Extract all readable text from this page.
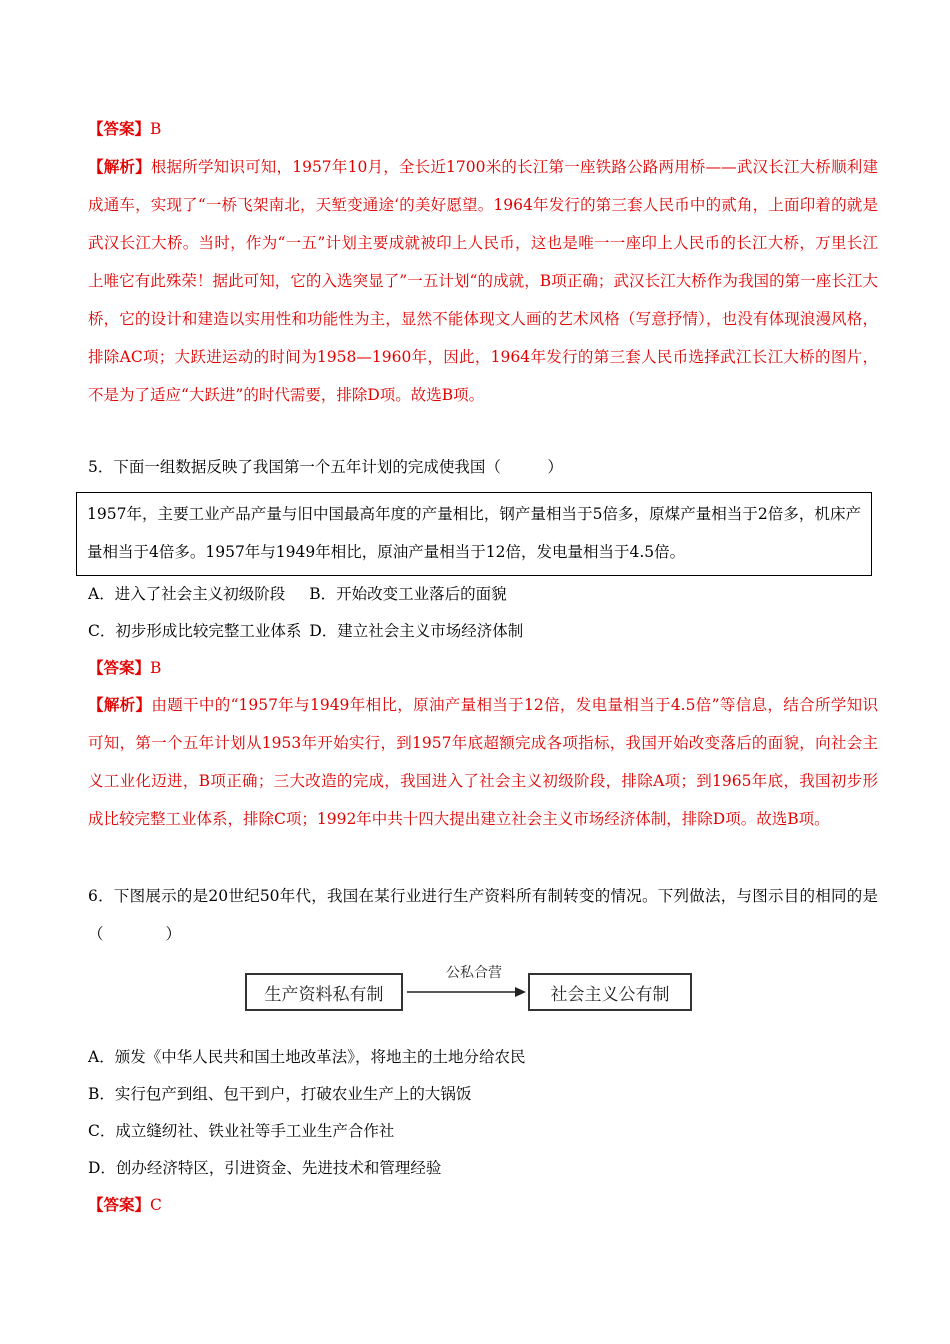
【答案】B
【解析】根据所学知识可知，1957年10月，全长近1700米的长江第一座铁路公路两用桥——武汉长江大桥顺利建成通车，实现了“一桥飞架南北，天堑变通途‘的美好愿望。1964年发行的第三套人民币中的贰角，上面印着的就是武汉长江大桥。当时，作为“一五”计划主要成就被印上人民币，这也是唯一一座印上人民币的长江大桥，万里长江上唯它有此殊荣！据此可知，它的入选突显了”一五计划“的成就，B项正确；武汉长江大桥作为我国的第一座长江大桥，它的设计和建造以实用性和功能性为主，显然不能体现文人画的艺术风格（写意抒情），也没有体现浪漫风格，排除AC项；大跃进运动的时间为1958—1960年，因此，1964年发行的第三套人民币选择武江长江大桥的图片，不是为了适应“大跃进”的时代需要，排除D项。故选B项。
5．下面一组数据反映了我国第一个五年计划的完成使我国（　　　）
1957年，主要工业产品产量与旧中国最高年度的产量相比，钢产量相当于5倍多，原煤产量相当于2倍多，机床产量相当于4倍多。1957年与1949年相比，原油产量相当于12倍，发电量相当于4.5倍。
A．进入了社会主义初级阶段 B．开始改变工业落后的面貌
C．初步形成比较完整工业体系 D．建立社会主义市场经济体制
【答案】B
【解析】由题干中的“1957年与1949年相比，原油产量相当于12倍，发电量相当于4.5倍”等信息，结合所学知识可知，第一个五年计划从1953年开始实行，到1957年底超额完成各项指标，我国开始改变落后的面貌，向社会主义工业化迈进，B项正确；三大改造的完成，我国进入了社会主义初级阶段，排除A项；到1965年底，我国初步形成比较完整工业体系，排除C项；1992年中共十四大提出建立社会主义市场经济体制，排除D项。故选B项。
6．下图展示的是20世纪50年代，我国在某行业进行生产资料所有制转变的情况。下列做法，与图示目的相同的是（　　　　）
生产资料私有制
公私合营
社会主义公有制
A．颁发《中华人民共和国土地改革法》，将地主的土地分给农民
B．实行包产到组、包干到户，打破农业生产上的大锅饭
C．成立缝纫社、铁业社等手工业生产合作社
D．创办经济特区，引进资金、先进技术和管理经验
【答案】C
